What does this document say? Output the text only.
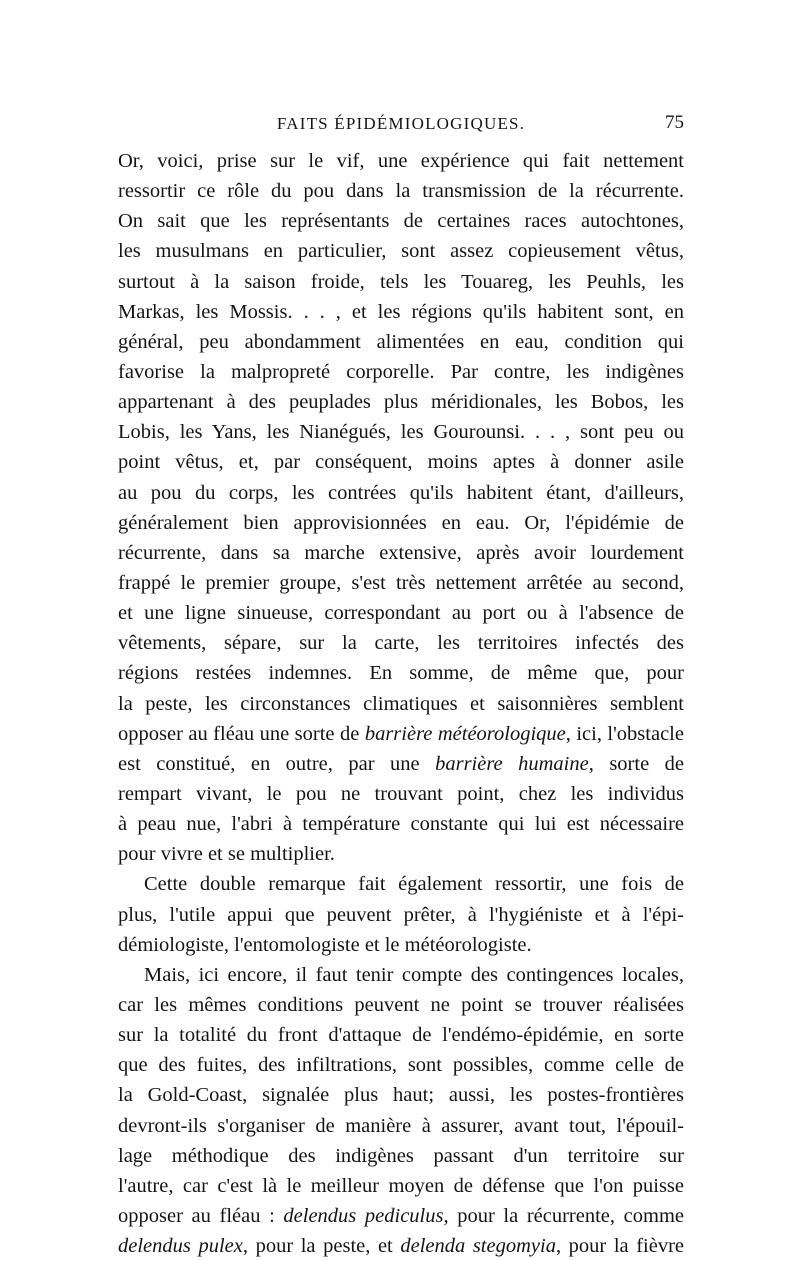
FAITS ÉPIDÉMIOLOGIQUES.	75
Or, voici, prise sur le vif, une expérience qui fait nettement
ressortir ce rôle du pou dans la transmission de la récurrente.
On sait que les représentants de certaines races autochtones,
les musulmans en particulier, sont assez copieusement vêtus,
surtout à la saison froide, tels les Touareg, les Peuhls, les
Markas, les Mossis. . . , et les régions qu'ils habitent sont, en
général, peu abondamment alimentées en eau, condition qui
favorise la malpropreté corporelle. Par contre, les indigènes
appartenant à des peuplades plus méridionales, les Bobos, les
Lobis, les Yans, les Nianégués, les Gourounsi. . . , sont peu ou
point vêtus, et, par conséquent, moins aptes à donner asile
au pou du corps, les contrées qu'ils habitent étant, d'ailleurs,
généralement bien approvisionnées en eau. Or, l'épidémie de
récurrente, dans sa marche extensive, après avoir lourdement
frappé le premier groupe, s'est très nettement arrêtée au second,
et une ligne sinueuse, correspondant au port ou à l'absence de
vêtements, sépare, sur la carte, les territoires infectés des
régions restées indemnes. En somme, de même que, pour
la peste, les circonstances climatiques et saisonnières semblent
opposer au fléau une sorte de barrière météorologique, ici, l'obstacle
est constitué, en outre, par une barrière humaine, sorte de
rempart vivant, le pou ne trouvant point, chez les individus
à peau nue, l'abri à température constante qui lui est nécessaire
pour vivre et se multiplier.
Cette double remarque fait également ressortir, une fois de
plus, l'utile appui que peuvent prêter, à l'hygiéniste et à l'épi-
démiologiste, l'entomologiste et le météorologiste.
Mais, ici encore, il faut tenir compte des contingences locales,
car les mêmes conditions peuvent ne point se trouver réalisées
sur la totalité du front d'attaque de l'endémo-épidémie, en sorte
que des fuites, des infiltrations, sont possibles, comme celle de
la Gold-Coast, signalée plus haut; aussi, les postes-frontières
devront-ils s'organiser de manière à assurer, avant tout, l'épouil-
lage méthodique des indigènes passant d'un territoire sur
l'autre, car c'est là le meilleur moyen de défense que l'on puisse
opposer au fléau : delendus pediculus, pour la récurrente, comme
delendus pulex, pour la peste, et delenda stegomyia, pour la fièvre
